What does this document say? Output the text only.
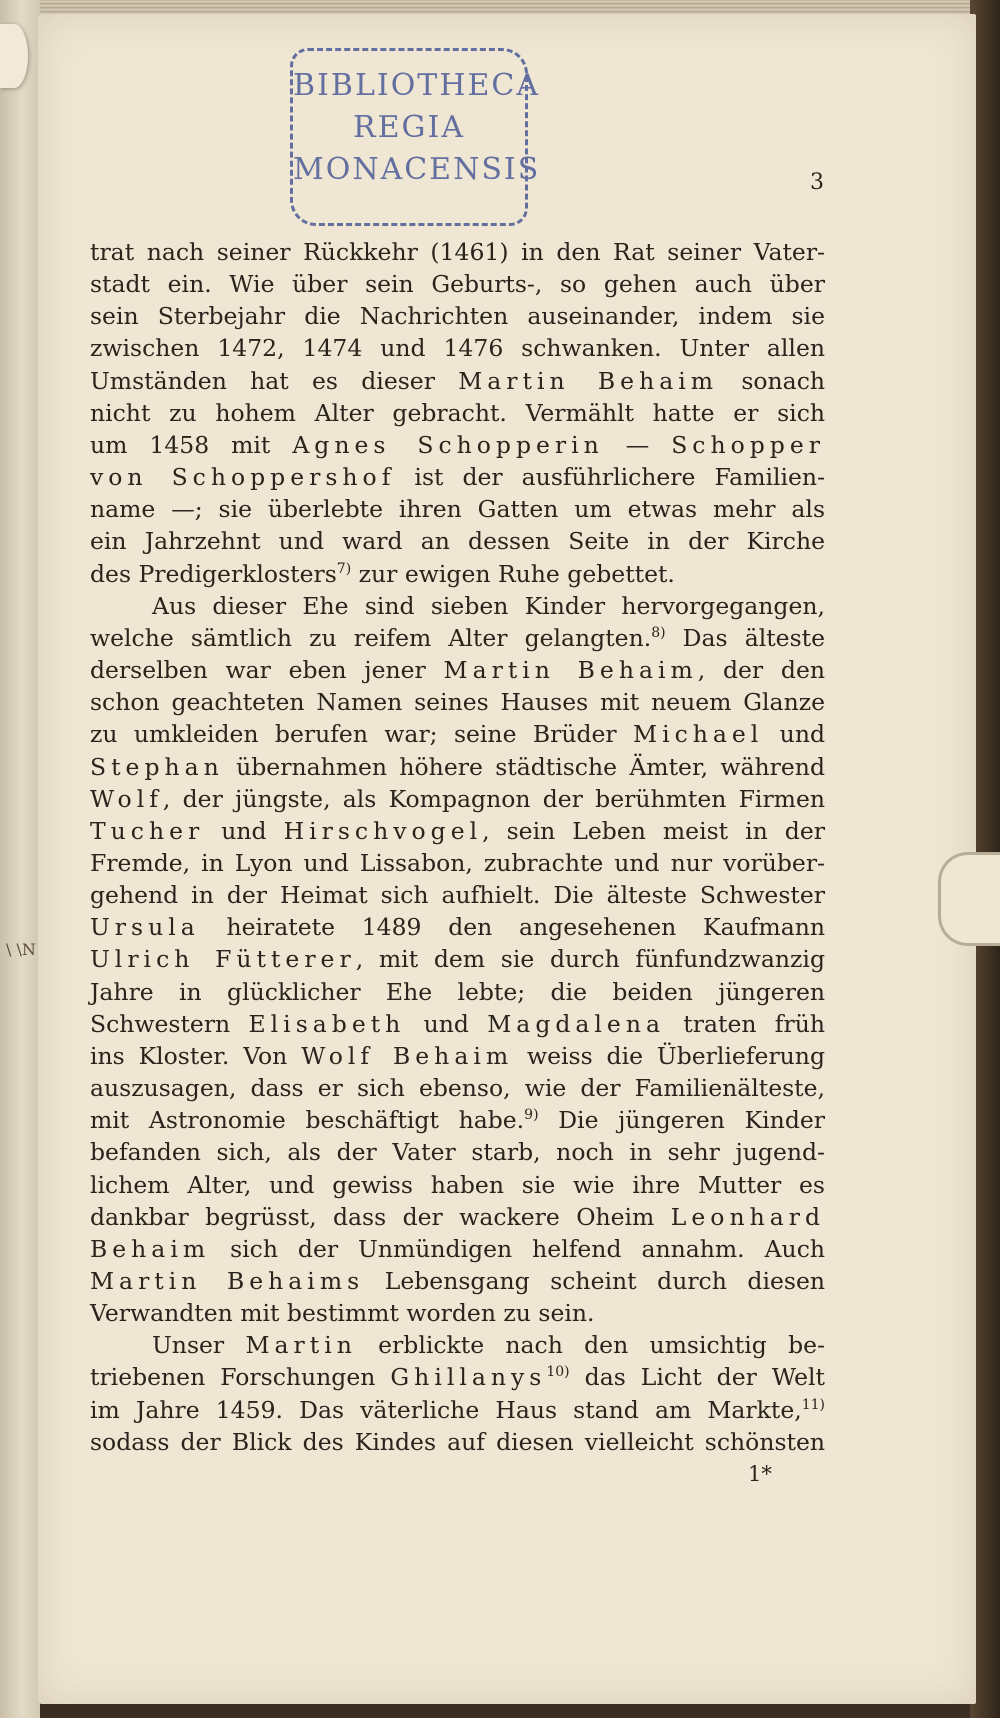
BIBLIOTHECA
REGIA
MONACENSIS	3
trat nach seiner Rückkehr (1461) in den Rat seiner Vater-
stadt ein. Wie über sein Geburts-, so gehen auch über
sein Sterbejahr die Nachrichten auseinander, indem sie
zwischen 1472, 1474 und 1476 schwanken. Unter allen
Umständen hat es dieser Martin Behaim sonach
nicht zu hohem Alter gebracht. Vermählt hatte er sich
um 1458 mit Agnes Schopperin — Schopper
von Schoppershof ist der ausführlichere Familien-
name —; sie überlebte ihren Gatten um etwas mehr als
ein Jahrzehnt und ward an dessen Seite in der Kirche
des Predigerklosters$^{7)}$ zur ewigen Ruhe gebettet.
Aus dieser Ehe sind sieben Kinder hervorgegangen,
welche sämtlich zu reifem Alter gelangten.$^{8)}$ Das älteste
derselben war eben jener Martin Behaim, der den
schon geachteten Namen seines Hauses mit neuem Glanze
zu umkleiden berufen war; seine Brüder Michael und
Stephan übernahmen höhere städtische Ämter, während
Wolf, der jüngste, als Kompagnon der berühmten Firmen
Tucher und Hirschvogel, sein Leben meist in der
Fremde, in Lyon und Lissabon, zubrachte und nur vorüber-
gehend in der Heimat sich aufhielt. Die älteste Schwester
Ursula heiratete 1489 den angesehenen Kaufmann
Ulrich Fütterer, mit dem sie durch fünfundzwanzig
Jahre in glücklicher Ehe lebte; die beiden jüngeren
Schwestern Elisabeth und Magdalena traten früh
ins Kloster. Von Wolf Behaim weiss die Überlieferung
auszusagen, dass er sich ebenso, wie der Familienälteste,
mit Astronomie beschäftigt habe.$^{9)}$ Die jüngeren Kinder
befanden sich, als der Vater starb, noch in sehr jugend-
lichem Alter, und gewiss haben sie wie ihre Mutter es
dankbar begrüsst, dass der wackere Oheim Leonhard
Behaim sich der Unmündigen helfend annahm. Auch
Martin Behaims Lebensgang scheint durch diesen
Verwandten mit bestimmt worden zu sein.
Unser Martin erblickte nach den umsichtig be-
triebenen Forschungen Ghillanys$^{10)}$ das Licht der Welt
im Jahre 1459. Das väterliche Haus stand am Markte,$^{11)}$
sodass der Blick des Kindes auf diesen vielleicht schönsten
1*
\ \N
